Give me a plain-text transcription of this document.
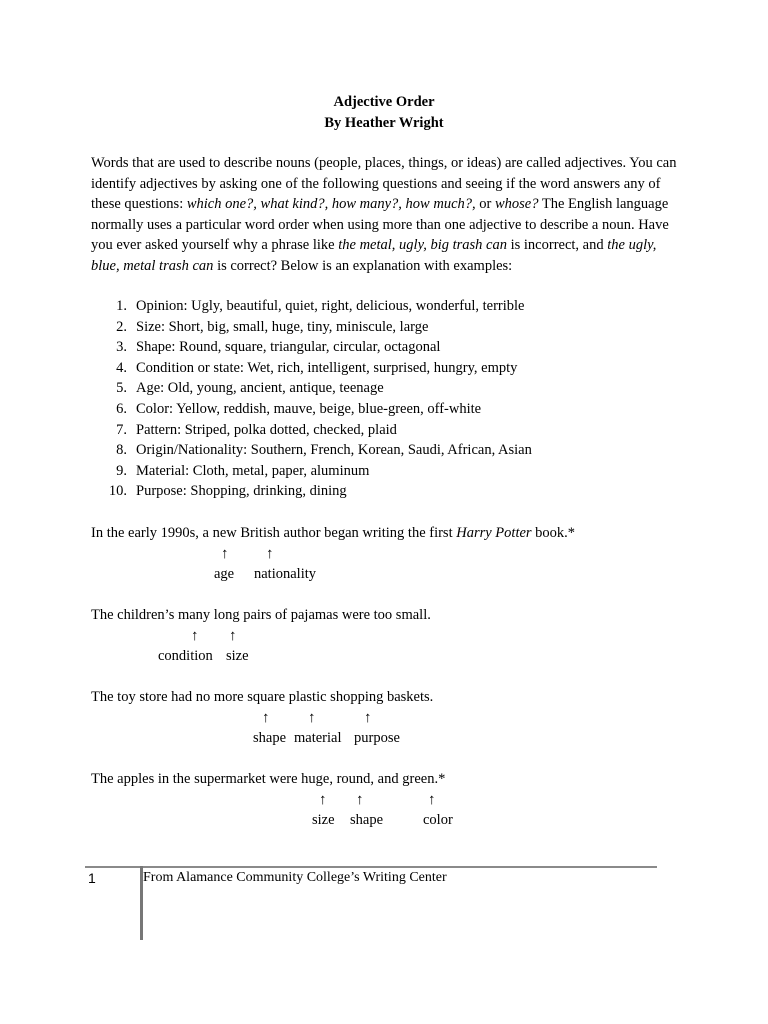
Adjective Order
By Heather Wright

Words that are used to describe nouns (people, places, things, or ideas) are called adjectives. You can identify adjectives by asking one of the following questions and seeing if the word answers any of these questions: which one?, what kind?, how many?, how much?, or whose? The English language normally uses a particular word order when using more than one adjective to describe a noun. Have you ever asked yourself why a phrase like the metal, ugly, big trash can is incorrect, and the ugly, blue, metal trash can is correct? Below is an explanation with examples:

1. Opinion: Ugly, beautiful, quiet, right, delicious, wonderful, terrible
2. Size: Short, big, small, huge, tiny, miniscule, large
3. Shape: Round, square, triangular, circular, octagonal
4. Condition or state: Wet, rich, intelligent, surprised, hungry, empty
5. Age: Old, young, ancient, antique, teenage
6. Color: Yellow, reddish, mauve, beige, blue-green, off-white
7. Pattern: Striped, polka dotted, checked, plaid
8. Origin/Nationality: Southern, French, Korean, Saudi, African, Asian
9. Material: Cloth, metal, paper, aluminum
10. Purpose: Shopping, drinking, dining
In the early 1990s, a new British author began writing the first Harry Potter book.*
↑	↑
age nationality
The children’s many long pairs of pajamas were too small.
↑ ↑
condition size
The toy store had no more square plastic shopping baskets.
↑	↑	↑
shape material purpose
The apples in the supermarket were huge, round, and green.*
↑ ↑	↑
size shape	color
1	From Alamance Community College’s Writing Center
